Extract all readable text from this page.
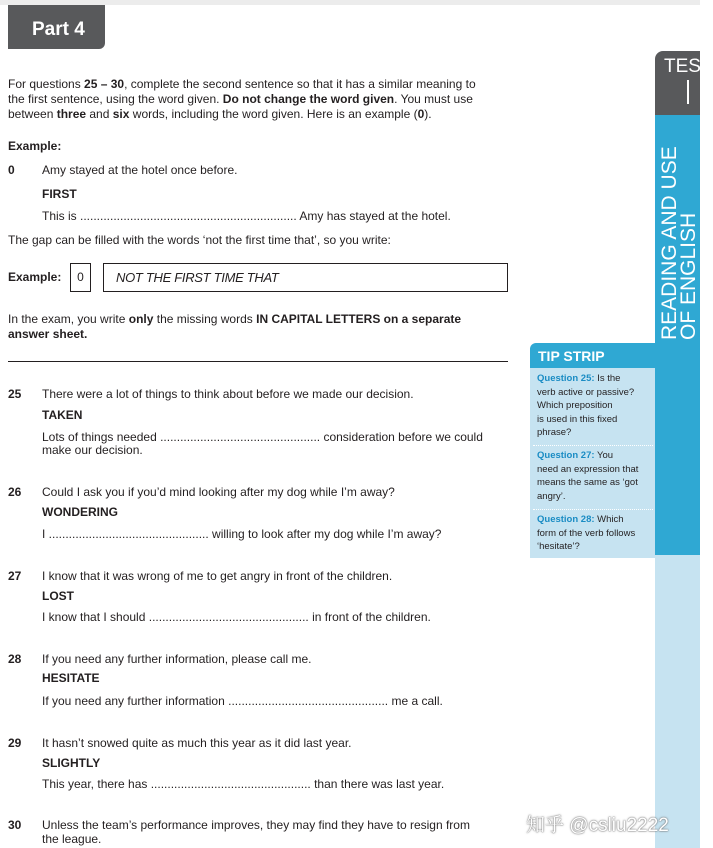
Part 4
For questions 25 – 30, complete the second sentence so that it has a similar meaning to
the first sentence, using the word given. Do not change the word given. You must use
between three and six words, including the word given. Here is an example (0).
Example:
0 Amy stayed at the hotel once before.
FIRST
This is ................................................................. Amy has stayed at the hotel.
The gap can be filled with the words ‘not the first time that’, so you write:
Example:	0	NOT THE FIRST TIME THAT
In the exam, you write only the missing words IN CAPITAL LETTERS on a separate
answer sheet.
25 There were a lot of things to think about before we made our decision.
TAKEN
Lots of things needed ................................................ consideration before we could
make our decision.
26 Could I ask you if you’d mind looking after my dog while I’m away?
WONDERING
I ................................................ willing to look after my dog while I’m away?
27 I know that it was wrong of me to get angry in front of the children.
LOST
I know that I should ................................................ in front of the children.
28 If you need any further information, please call me.
HESITATE
If you need any further information ................................................ me a call.
29 It hasn’t snowed quite as much this year as it did last year.
SLIGHTLY
This year, there has ................................................ than there was last year.
30 Unless the team’s performance improves, they may find they have to resign from
the league.
TIP STRIP
Question 25: Is the
verb active or passive?
Which preposition
is used in this fixed
phrase?
Question 27: You
need an expression that
means the same as ‘got
angry’.
Question 28: Which
form of the verb follows
‘hesitate’?
TEST
READING AND USE
OF ENGLISH
知乎 @csliu2222
